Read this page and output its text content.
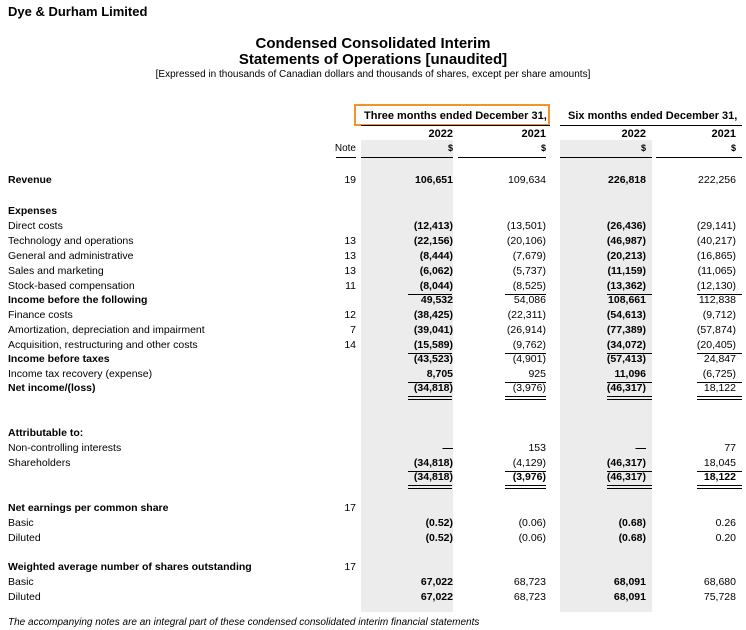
Dye & Durham Limited
Condensed Consolidated Interim
Statements of Operations [unaudited]
[Expressed in thousands of Canadian dollars and thousands of shares, except per share amounts]
Three months ended December 31, Six months ended December 31,
2022	2021	2022	2021
Note	$	$	$	$
Revenue	19	106,651	109,634	226,818	222,256
Expenses
Direct costs	(12,413)	(13,501)	(26,436)	(29,141)
Technology and operations	13	(22,156)	(20,106)	(46,987)	(40,217)
General and administrative	13	(8,444)	(7,679)	(20,213)	(16,865)
Sales and marketing	13	(6,062)	(5,737)	(11,159)	(11,065)
Stock-based compensation	11	(8,044)	(8,525)	(13,362)	(12,130)
Income before the following	49,532	54,086	108,661	112,838
Finance costs	12	(38,425)	(22,311)	(54,613)	(9,712)
Amortization, depreciation and impairment	7	(39,041)	(26,914)	(77,389)	(57,874)
Acquisition, restructuring and other costs	14	(15,589)	(9,762)	(34,072)	(20,405)
Income before taxes	(43,523)	(4,901)	(57,413)	24,847
Income tax recovery (expense)	8,705	925	11,096	(6,725)
Net income/(loss)	(34,818)	(3,976)	(46,317)	18,122
Attributable to:
Non-controlling interests	—	153	—	77
Shareholders	(34,818)	(4,129)	(46,317)	18,045
(34,818)	(3,976)	(46,317)	18,122
Net earnings per common share	17
Basic	(0.52)	(0.06)	(0.68)	0.26
Diluted	(0.52)	(0.06)	(0.68)	0.20
Weighted average number of shares outstanding	17
Basic	67,022	68,723	68,091	68,680
Diluted	67,022	68,723	68,091	75,728
The accompanying notes are an integral part of these condensed consolidated interim financial statements
